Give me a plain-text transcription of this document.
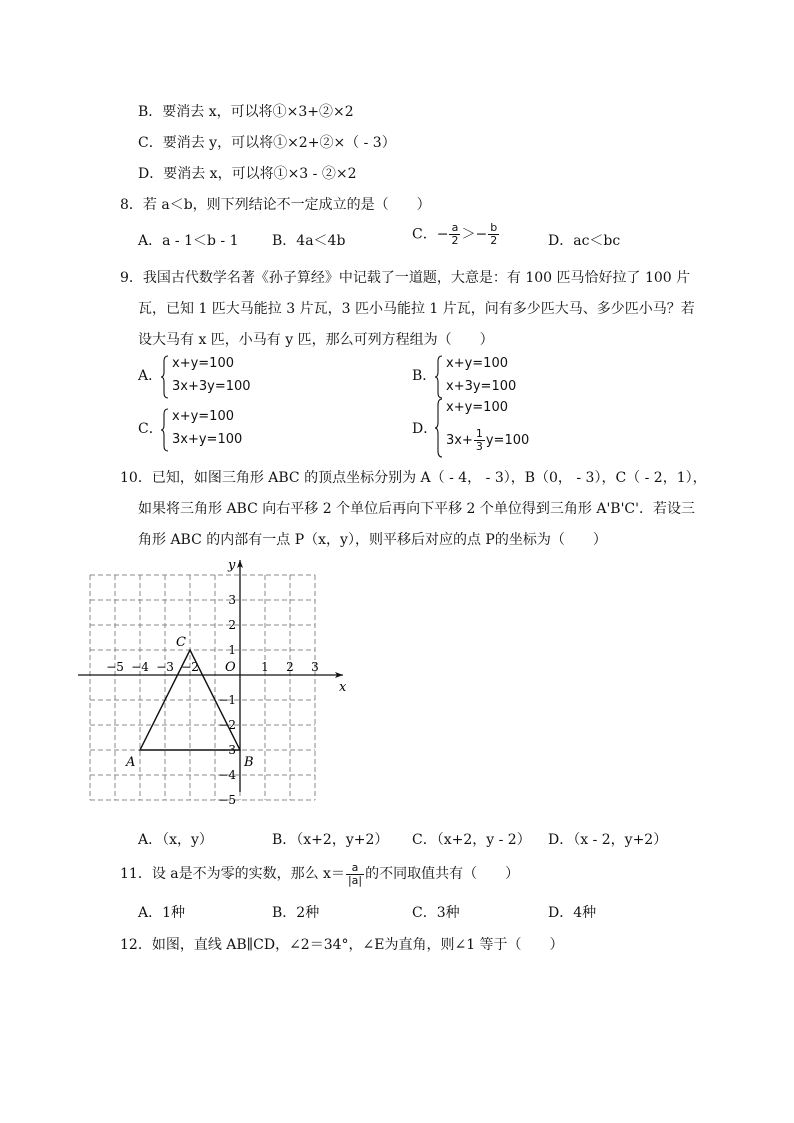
B．要消去 x，可以将①×3+②×2
C．要消去 y，可以将①×2+②×（ - 3）
D．要消去 x，可以将①×3 - ②×2
8．若 a＜b，则下列结论不一定成立的是（　　）
A．a - 1＜b - 1 B．4a＜4b	C．− $\frac{a}{2} >- \frac{b}{2}$	D．ac＜bc
9．我国古代数学名著《孙子算经》中记载了一道题，大意是：有 100 匹马恰好拉了 100 片
瓦，已知 1 匹大马能拉 3 片瓦，3 匹小马能拉 1 片瓦，问有多少匹大马、多少匹小马？若
设大马有 x 匹，小马有 y 匹，那么可列方程组为（　　）
A．
x+y=100
3x+3y=100
B．
x+y=100
x+3y=100
C．
x+y=100
3x+y=100
D．
x+y=100
$3x+ \frac{1}{3} y=100$
10．已知，如图三角形 ABC 的顶点坐标分别为 A（ - 4， - 3），B（0， - 3），C（ - 2，1），
如果将三角形 ABC 向右平移 2 个单位后再向下平移 2 个单位得到三角形 A'B'C'．若设三
角形 ABC 的内部有一点 P（x，y），则平移后对应的点 P的坐标为（　　）
x
y
O
−5 −4 −3 −2	1 2 3
3
2
1
−1
−2
−3
−4
−5
A	B
C
A．（x，y）	B．（x+2，y+2） C．（x+2，y - 2） D．（x - 2，y+2）
11．设 a是不为零的实数，那么 $x= \frac{a}{|a|}$ 的不同取值共有（　　）
A．1种	B．2种	C．3种	D．4种
12．如图，直线 AB∥CD，∠2＝34°，∠E为直角，则∠1 等于（　　）
